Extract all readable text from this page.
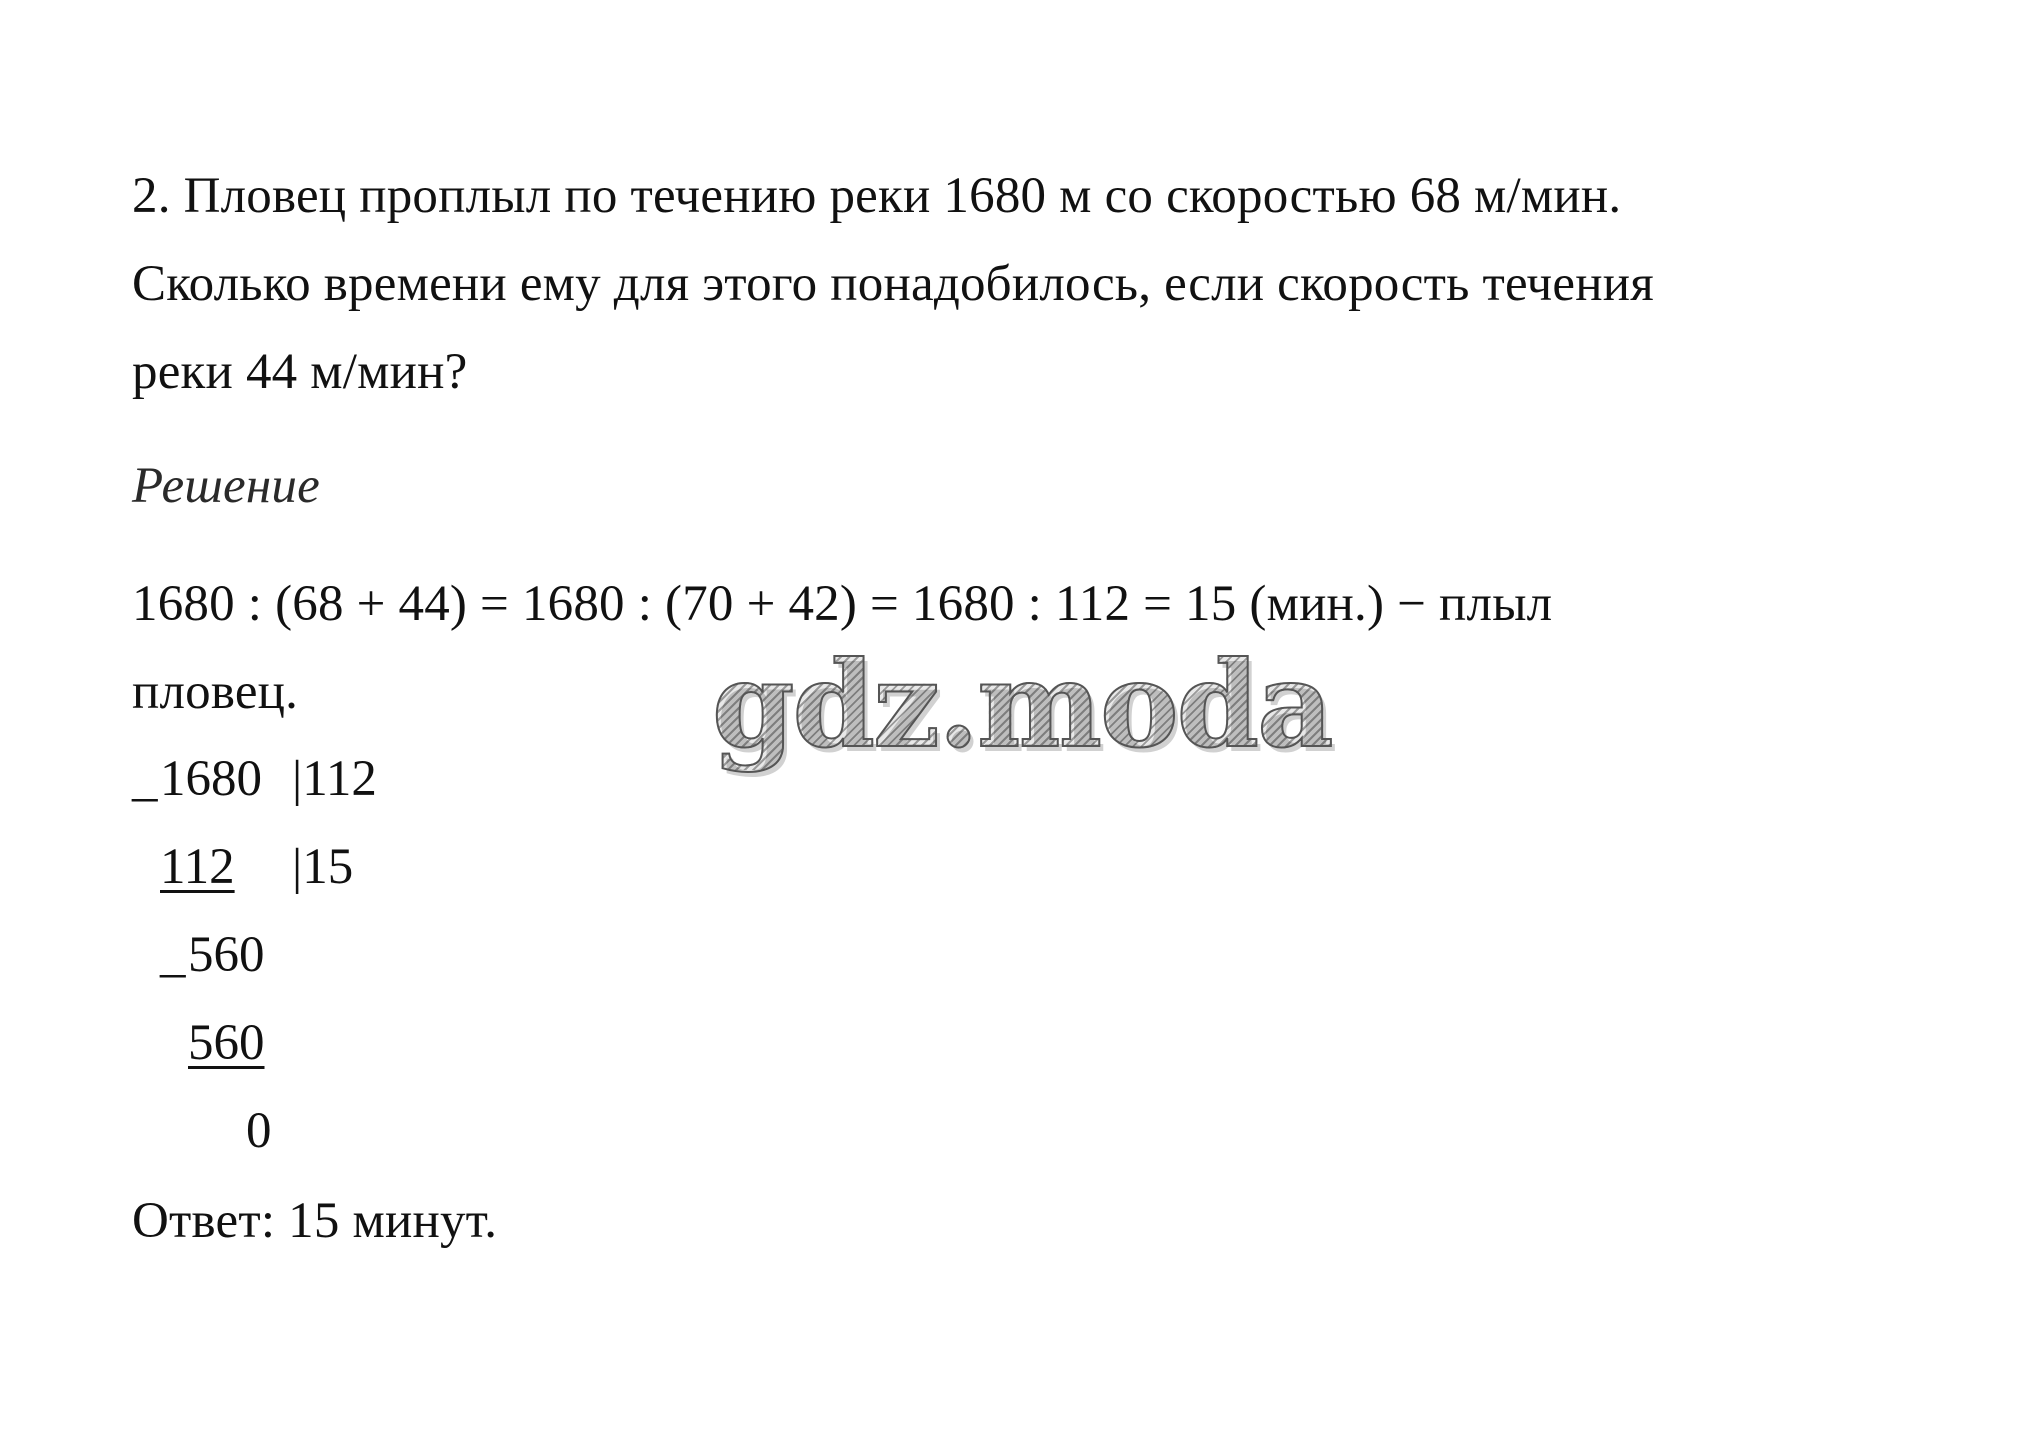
2. Пловец проплыл по течению реки 1680 м со скоростью 68 м/мин.
Сколько времени ему для этого понадобилось, если скорость течения
реки 44 м/мин?
Решение
1680 : (68 + 44) = 1680 : (70 + 42) = 1680 : 112 = 15 (мин.) − плыл
пловец.
_ 1680 |112
112 |15
_ 560
560
0
Ответ: 15 минут.
gdz.moda
